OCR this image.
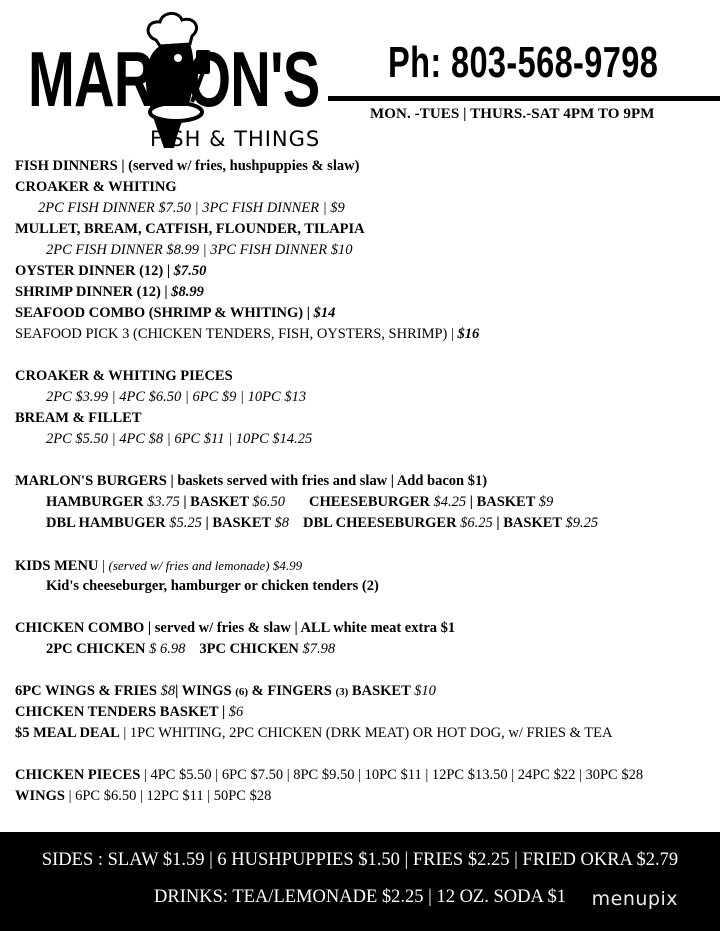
MARLON'S
FISH & THINGS
Ph: 803-568-9798
MON. -TUES | THURS.-SAT 4PM TO 9PM
FISH DINNERS | (served w/ fries, hushpuppies & slaw)
CROAKER & WHITING
2PC FISH DINNER $7.50 | 3PC FISH DINNER | $9
MULLET, BREAM, CATFISH, FLOUNDER, TILAPIA
2PC FISH DINNER $8.99 | 3PC FISH DINNER $10
OYSTER DINNER (12) | $7.50
SHRIMP DINNER (12) | $8.99
SEAFOOD COMBO (SHRIMP & WHITING) | $14
SEAFOOD PICK 3 (CHICKEN TENDERS, FISH, OYSTERS, SHRIMP) | $16
CROAKER & WHITING PIECES
2PC $3.99 | 4PC $6.50 | 6PC $9 | 10PC $13
BREAM & FILLET
2PC $5.50 | 4PC $8 | 6PC $11 | 10PC $14.25
MARLON'S BURGERS | baskets served with fries and slaw | Add bacon $1)
HAMBURGER $3.75 | BASKET $6.50 CHEESEBURGER $4.25 | BASKET $9
DBL HAMBUGER $5.25 | BASKET $8 DBL CHEESEBURGER $6.25 | BASKET $9.25
KIDS MENU | (served w/ fries and lemonade) $4.99
Kid's cheeseburger, hamburger or chicken tenders (2)
CHICKEN COMBO | served w/ fries & slaw | ALL white meat extra $1
2PC CHICKEN $ 6.98 3PC CHICKEN $7.98
6PC WINGS & FRIES $8| WINGS (6) & FINGERS (3) BASKET $10
CHICKEN TENDERS BASKET | $6
$5 MEAL DEAL | 1PC WHITING, 2PC CHICKEN (DRK MEAT) OR HOT DOG, w/ FRIES & TEA
CHICKEN PIECES | 4PC $5.50 | 6PC $7.50 | 8PC $9.50 | 10PC $11 | 12PC $13.50 | 24PC $22 | 30PC $28
WINGS | 6PC $6.50 | 12PC $11 | 50PC $28
SIDES : SLAW $1.59 | 6 HUSHPUPPIES $1.50 | FRIES $2.25 | FRIED OKRA $2.79
DRINKS: TEA/LEMONADE $2.25 | 12 OZ. SODA $1	menupix
